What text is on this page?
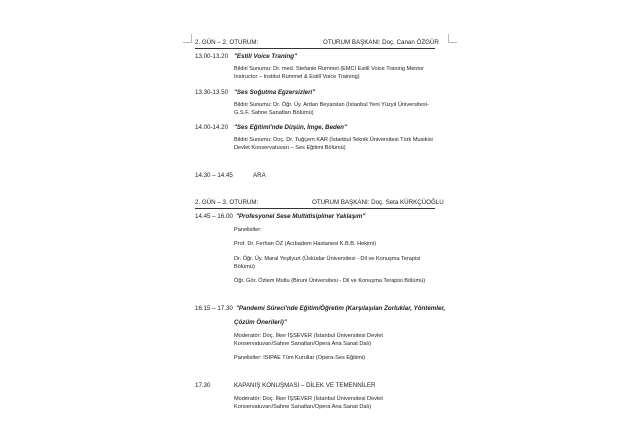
2. GÜN – 2. OTURUM:	OTURUM BAŞKANI: Doç. Canan ÖZGÜR
13.00-13.20 "Estill Voice Traning"
Bildiri Sunumu: Dr. med. Stefanie Rummel (EMCI Estill Voice Traning Mentor
Instructor – Institut Rummel & Estill Voice Training)
13.30-13.50 "Ses Soğutma Egzersizleri"
Bildiri Sunumu: Dr. Öğr. Üy. Ardan Beyarslan (İstanbul Yeni Yüzyıl Üniversitesi-
G.S.F. Sahne Sanatları Bölümü)
14.00-14.20 "Ses Eğitimi'nde Düşün, İmge, Beden"
Bildiri Sunumu: Doç. Dr. Tuğçem KAR (İstanbul Teknik Üniversitesi Türk Musikisi
Devlet Konservatuvarı – Ses Eğitimi Bölümü)
14.30 – 14.45	ARA
2. GÜN – 3. OTURUM:	OTURUM BAŞKANI: Doç. Seta KÜRKÇÜOĞLU
14.45 – 16.00 "Profesyonel Sese Multidisipliner Yaklaşım"
Panelistler:
Prof. Dr. Ferhan ÖZ (Acıbadem Hastanesi K.B.B. Hekimi)
Dr. Öğr. Üy. Maral Yeşilyurt (Üsküdar Üniversitesi - Dil ve Konuşma Terapisi
Bölümü)
Öğr. Gör. Özlem Mutlu (Biruni Üniversitesi - Dil ve Konuşma Terapisi Bölümü)
16.15 – 17.30 "Pandemi Süreci'nde Eğitim/Öğretim (Karşılaşılan Zorluklar, Yöntemler,
Çözüm Önerileri)"
Moderatör: Doç. İlker İŞSEVER (İstanbul Üniversitesi Devlet
Konservatuvarı/Sahne Sanatları/Opera Ana Sanat Dalı)
Panelistler: ISIPAE Tüm Kurullar (Opera-Ses Eğitimi)
17.30	KAPANIŞ KONUŞMASI – DİLEK VE TEMENNİLER
Moderatör: Doç. İlker İŞSEVER (İstanbul Üniversitesi Devlet
Konservatuvarı/Sahne Sanatları/Opera Ana Sanat Dalı)
